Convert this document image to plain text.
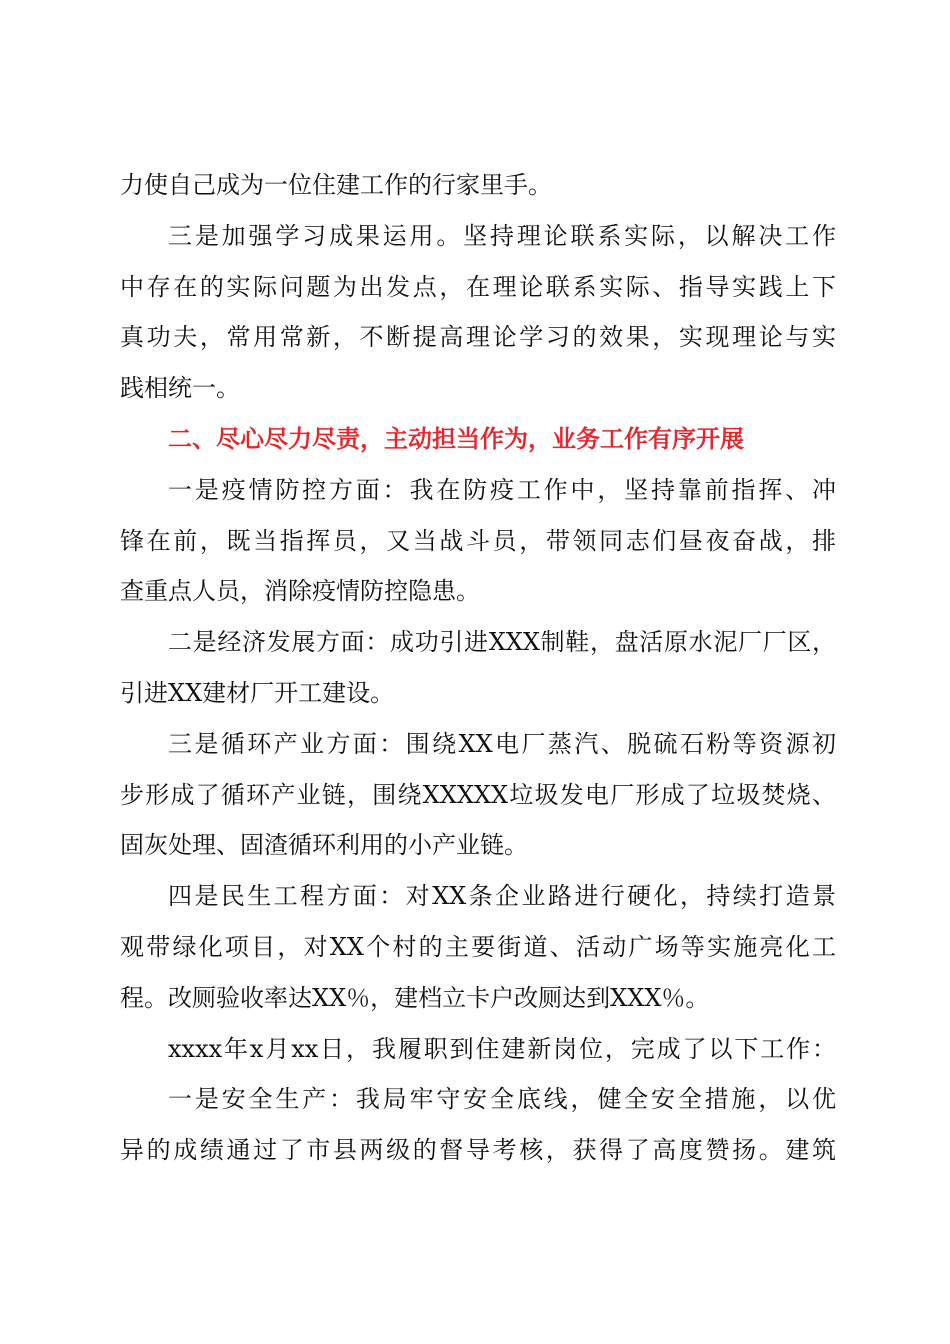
力使自己成为一位住建工作的行家里手。
三是加强学习成果运用。坚持理论联系实际，以解决工作
中存在的实际问题为出发点，在理论联系实际、指导实践上下
真功夫，常用常新，不断提高理论学习的效果，实现理论与实
践相统一。
二、尽心尽力尽责，主动担当作为，业务工作有序开展
一是疫情防控方面：我在防疫工作中，坚持靠前指挥、冲
锋在前，既当指挥员，又当战斗员，带领同志们昼夜奋战，排
查重点人员，消除疫情防控隐患。
二是经济发展方面：成功引进XXX制鞋，盘活原水泥厂厂区，
引进XX建材厂开工建设。
三是循环产业方面：围绕XX电厂蒸汽、脱硫石粉等资源初
步形成了循环产业链，围绕XXXXX垃圾发电厂形成了垃圾焚烧、
固灰处理、固渣循环利用的小产业链。
四是民生工程方面：对XX条企业路进行硬化，持续打造景
观带绿化项目，对XX个村的主要街道、活动广场等实施亮化工
程。改厕验收率达XX％，建档立卡户改厕达到XXX％。
xxxx年x月xx日，我履职到住建新岗位，完成了以下工作：
一是安全生产：我局牢守安全底线，健全安全措施，以优
异的成绩通过了市县两级的督导考核，获得了高度赞扬。建筑
